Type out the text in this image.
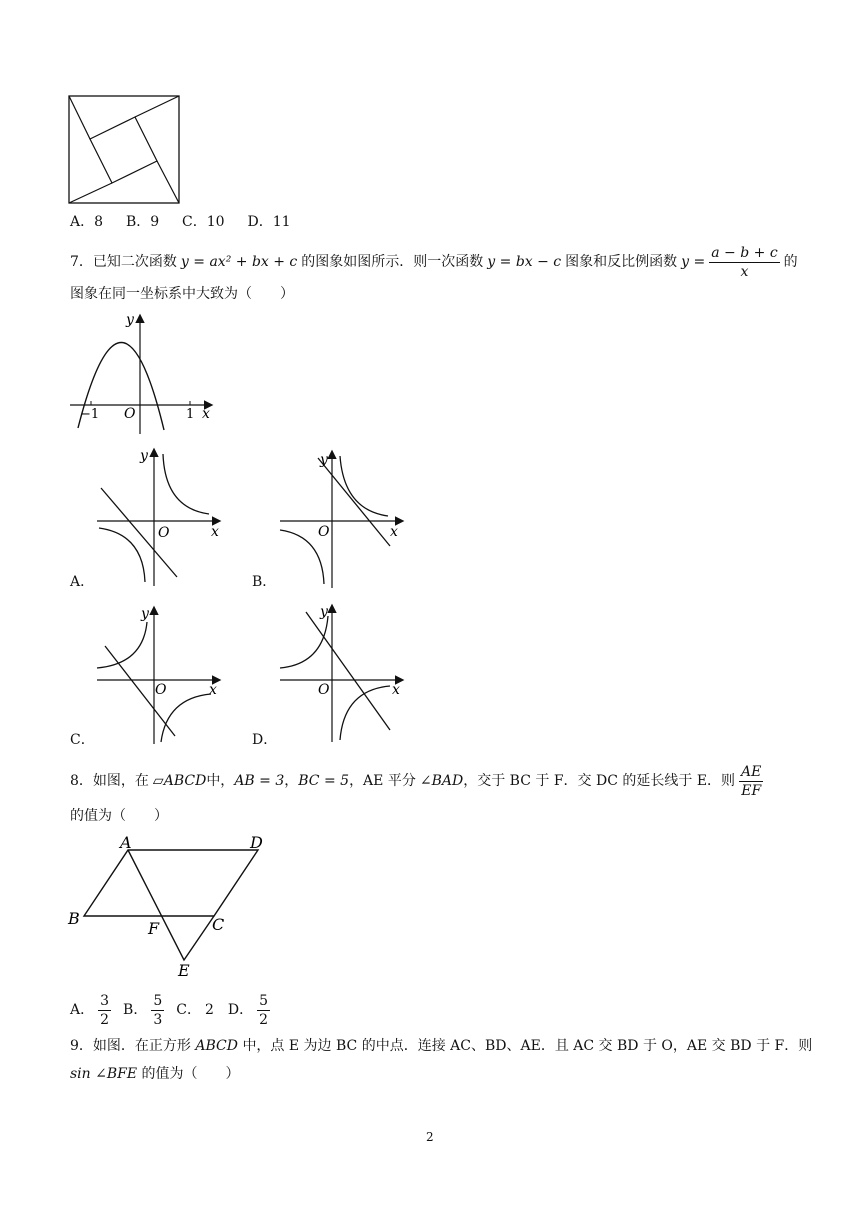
A．8 B．9 C．10 D．11
7．已知二次函数 y = ax² + bx + c 的图象如图所示．则一次函数 y = bx − c 图象和反比例函数 $y = \frac{a - b + c}{x}$ 的
图象在同一坐标系中大致为（　　）
y
x
O
−1	1
y
x
O
A．
y
x
O
B．
y
x
O
C．
y
x
O
D．
8．如图，在 ▱ ABCD 中， AB = 3 ， BC = 5 ，AE 平分 ∠BAD ，交于 BC 于 F．交 DC 的延长线于 E．则 $\frac{AE}{EF}$
的值为（　　）
A	D
B	C
F
E
A． $\frac{3}{2}$ B． $\frac{5}{3}$ C． 2 D． $\frac{5}{2}$
9．如图．在正方形 ABCD 中，点 E 为边 BC 的中点．连接 AC、BD、AE．且 AC 交 BD 于 O，AE 交 BD 于 F．则
sin ∠BFE 的值为（　　）
2
